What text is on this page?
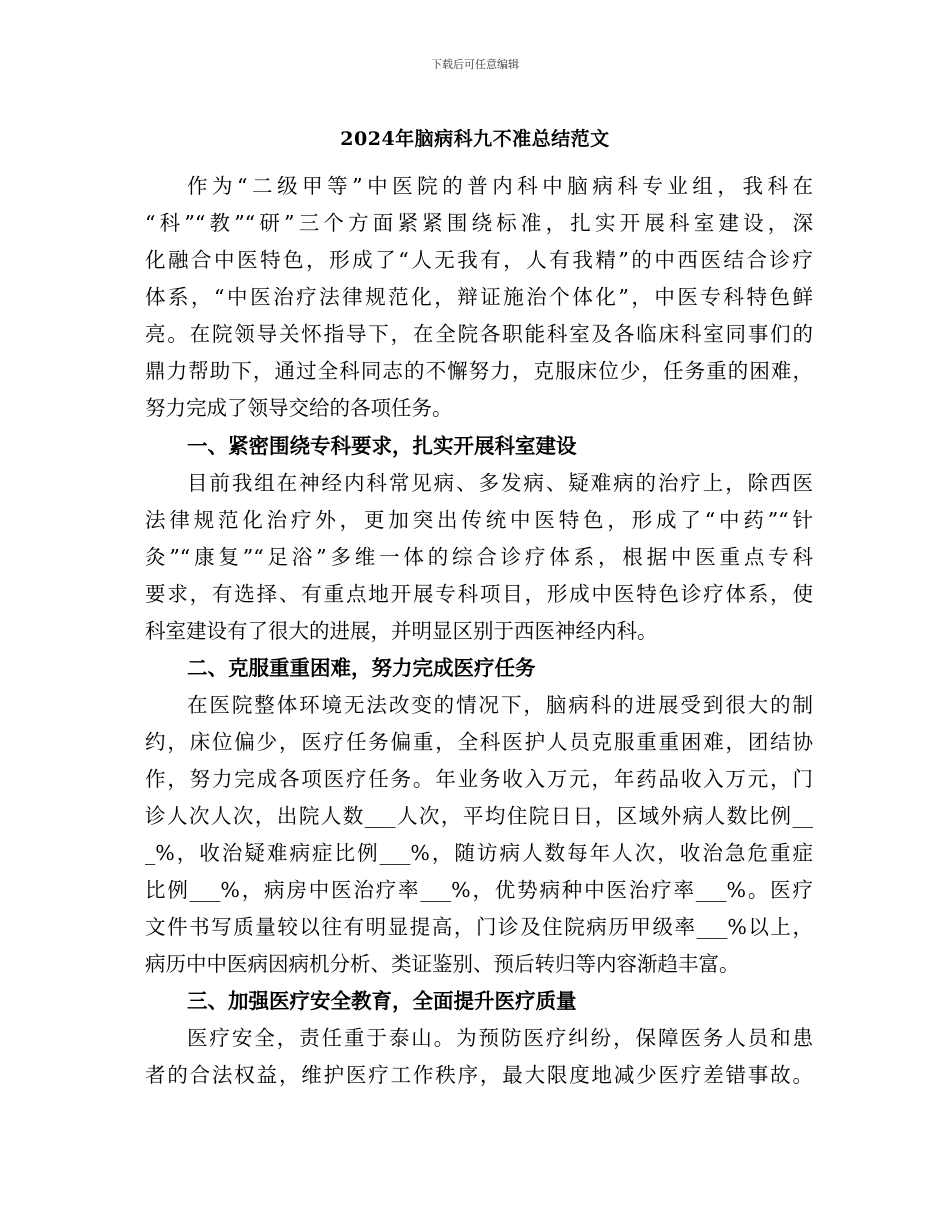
下载后可任意编辑
2024年脑病科九不准总结范文
作为“二级甲等”中医院的普内科中脑病科专业组，我科在
“科”“教”“研”三个方面紧紧围绕标准，扎实开展科室建设，深
化融合中医特色，形成了“人无我有，人有我精”的中西医结合诊疗
体系，“中医治疗法律规范化，辩证施治个体化”，中医专科特色鲜
亮。在院领导关怀指导下，在全院各职能科室及各临床科室同事们的
鼎力帮助下，通过全科同志的不懈努力，克服床位少，任务重的困难，
努力完成了领导交给的各项任务。
一、紧密围绕专科要求，扎实开展科室建设
目前我组在神经内科常见病、多发病、疑难病的治疗上，除西医
法律规范化治疗外，更加突出传统中医特色，形成了“中药”“针
灸”“康复”“足浴”多维一体的综合诊疗体系，根据中医重点专科
要求，有选择、有重点地开展专科项目，形成中医特色诊疗体系，使
科室建设有了很大的进展，并明显区别于西医神经内科。
二、克服重重困难，努力完成医疗任务
在医院整体环境无法改变的情况下，脑病科的进展受到很大的制
约，床位偏少，医疗任务偏重，全科医护人员克服重重困难，团结协
作，努力完成各项医疗任务。年业务收入万元，年药品收入万元，门
诊人次人次，出院人数___人次，平均住院日日，区域外病人数比例__
_%，收治疑难病症比例___%，随访病人数每年人次，收治急危重症
比例___%，病房中医治疗率___%，优势病种中医治疗率___%。医疗
文件书写质量较以往有明显提高，门诊及住院病历甲级率___%以上，
病历中中医病因病机分析、类证鉴别、预后转归等内容渐趋丰富。
三、加强医疗安全教育，全面提升医疗质量
医疗安全，责任重于泰山。为预防医疗纠纷，保障医务人员和患
者的合法权益，维护医疗工作秩序，最大限度地减少医疗差错事故。
